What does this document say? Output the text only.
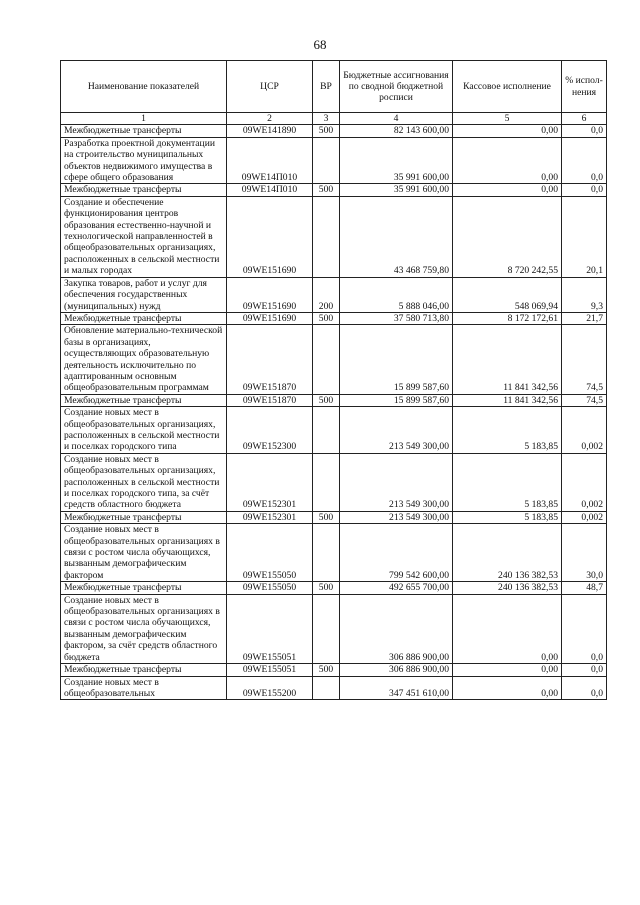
68
Наименование показателей	ЦСР	ВР	Бюджетные ассигнования по сводной бюджетной росписи	Кассовое исполнение	% испол-нения
1	2	3	4	5	6
Межбюджетные трансферты	09WE141890	500	82 143 600,00	0,00	0,0
Разработка проектной документации на строительство муниципальных объектов недвижимого имущества в сфере общего образования	09WE14П010		35 991 600,00	0,00	0,0
Межбюджетные трансферты	09WE14П010	500	35 991 600,00	0,00	0,0
Создание и обеспечение функционирования центров образования естественно-научной и технологической направленностей в общеобразовательных организациях, расположенных в сельской местности и малых городах	09WE151690		43 468 759,80	8 720 242,55	20,1
Закупка товаров, работ и услуг для обеспечения государственных (муниципальных) нужд	09WE151690	200	5 888 046,00	548 069,94	9,3
Межбюджетные трансферты	09WE151690	500	37 580 713,80	8 172 172,61	21,7
Обновление материально-технической базы в организациях, осуществляющих образовательную деятельность исключительно по адаптированным основным общеобразовательным программам	09WE151870		15 899 587,60	11 841 342,56	74,5
Межбюджетные трансферты	09WE151870	500	15 899 587,60	11 841 342,56	74,5
Создание новых мест в общеобразовательных организациях, расположенных в сельской местности и поселках городского типа	09WE152300		213 549 300,00	5 183,85	0,002
Создание новых мест в общеобразовательных организациях, расположенных в сельской местности и поселках городского типа, за счёт средств областного бюджета	09WE152301		213 549 300,00	5 183,85	0,002
Межбюджетные трансферты	09WE152301	500	213 549 300,00	5 183,85	0,002
Создание новых мест в общеобразовательных организациях в связи с ростом числа обучающихся, вызванным демографическим фактором	09WE155050		799 542 600,00	240 136 382,53	30,0
Межбюджетные трансферты	09WE155050	500	492 655 700,00	240 136 382,53	48,7
Создание новых мест в общеобразовательных организациях в связи с ростом числа обучающихся, вызванным демографическим фактором, за счёт средств областного бюджета	09WE155051		306 886 900,00	0,00	0,0
Межбюджетные трансферты	09WE155051	500	306 886 900,00	0,00	0,0
Создание новых мест в общеобразовательных	09WE155200		347 451 610,00	0,00	0,0
